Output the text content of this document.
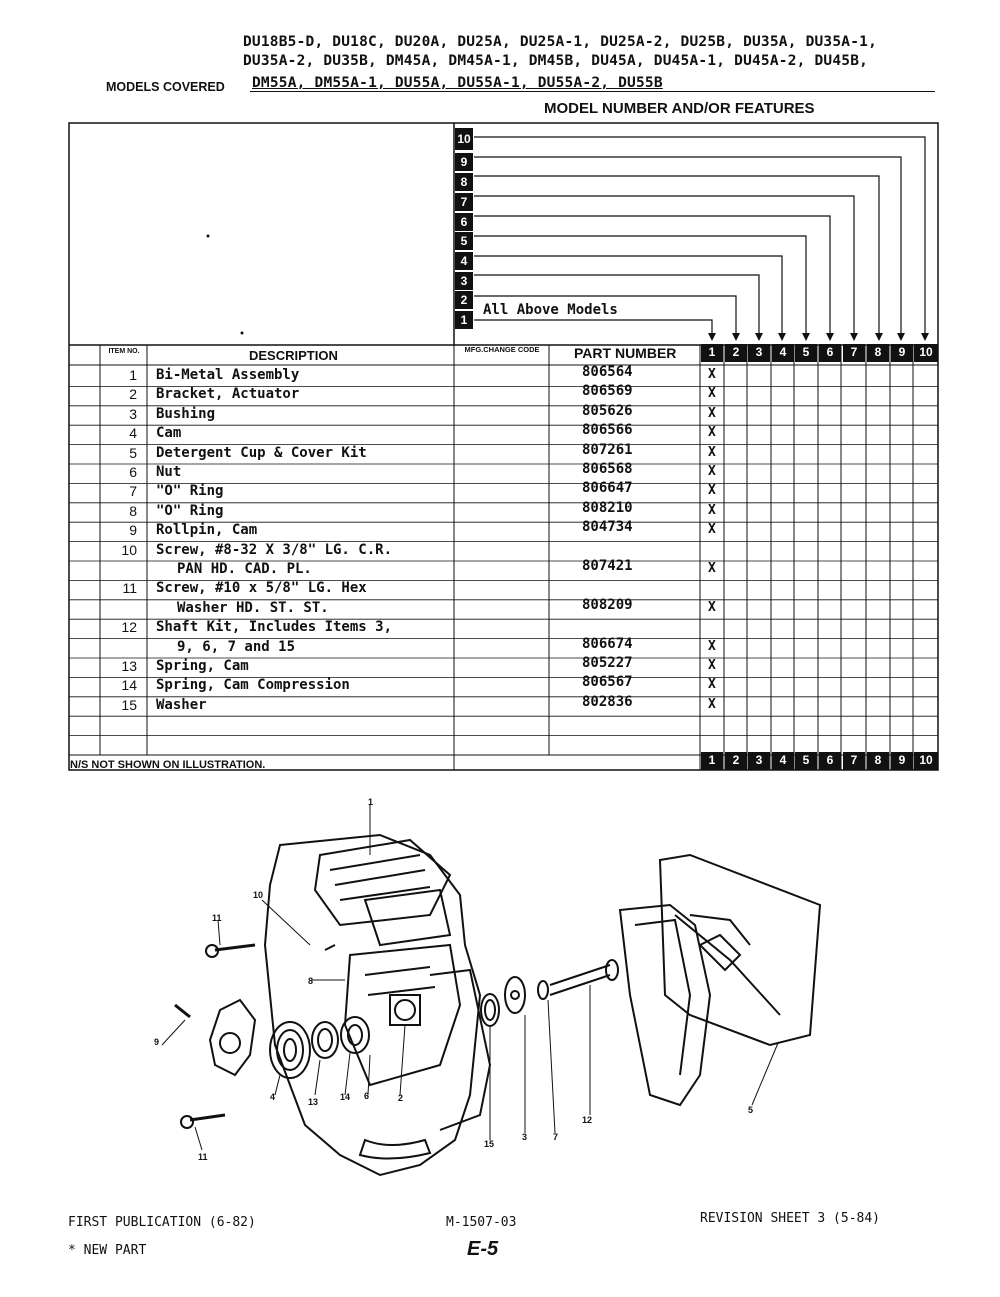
DU18B5-D, DU18C, DU20A, DU25A, DU25A-1, DU25A-2, DU25B, DU35A, DU35A-1,
DU35A-2, DU35B, DM45A, DM45A-1, DM45B, DU45A, DU45A-1, DU45A-2, DU45B,
MODELS COVERED DM55A, DM55A-1, DU55A, DU55A-1, DU55A-2, DU55B
MODEL NUMBER AND/OR FEATURES
1
2
3
4
5
6
7
8
9
10
All Above Models
ITEM NO.	DESCRIPTION	MFG.CHANGE CODE	PART NUMBER	1	2	3	4	5	6	7	8	9	10
1	2	3	4	5	6	7	8	9	10
1 Bi-Metal Assembly	806564	X
2 Bracket, Actuator	806569	X
3 Bushing	805626	X
4 Cam	806566	X
5 Detergent Cup & Cover Kit	807261	X
6 Nut	806568	X
7 "O" Ring	806647	X
8 "O" Ring	808210	X
9 Rollpin, Cam	804734	X
10 Screw, #8-32 X 3/8" LG. C.R.
PAN HD. CAD. PL.	807421	X
11 Screw, #10 x 5/8" LG. Hex
Washer HD. ST. ST.	808209	X
12 Shaft Kit, Includes Items 3,
9, 6, 7 and 15	806674	X
13 Spring, Cam	805227	X
14 Spring, Cam Compression	806567	X
15 Washer	802836	X
N/S NOT SHOWN ON ILLUSTRATION.
1
10
11
8
9
2
4	13 14 6
15
3	7
12
5
11
FIRST PUBLICATION (6-82)	M-1507-03	REVISION SHEET 3 (5-84)
* NEW PART	E-5
